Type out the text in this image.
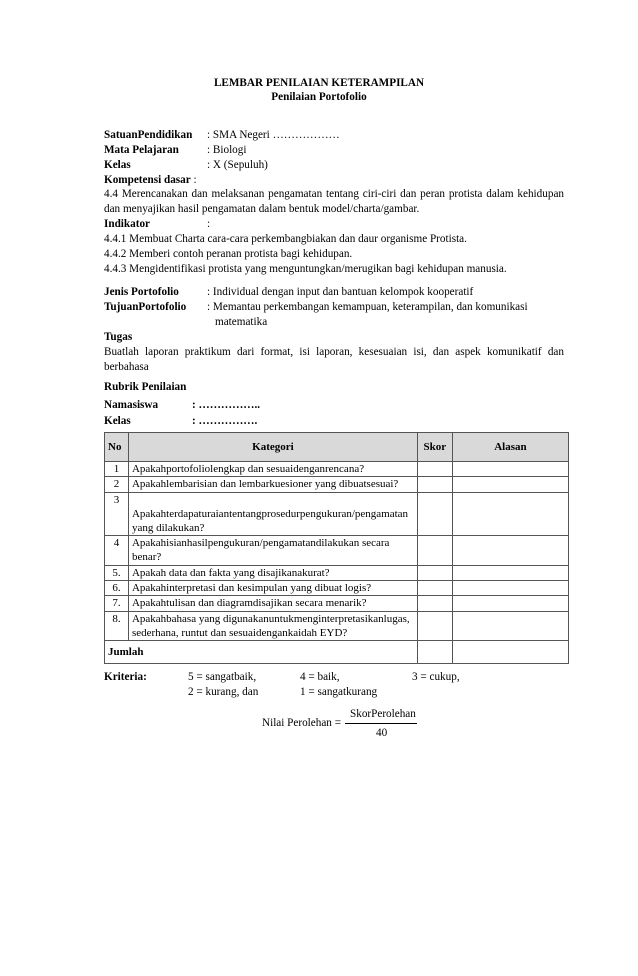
LEMBAR PENILAIAN KETERAMPILAN
Penilaian Portofolio
SatuanPendidikan : SMA Negeri ………………
Mata Pelajaran	: Biologi
Kelas	: X (Sepuluh)
Kompetensi dasar :
4.4 Merencanakan dan melaksanan pengamatan tentang ciri-ciri dan peran protista dalam kehidupan dan menyajikan hasil pengamatan dalam bentuk model/charta/gambar.
Indikator	:
4.4.1 Membuat Charta cara-cara perkembangbiakan dan daur organisme Protista.
4.4.2 Memberi contoh peranan protista bagi kehidupan.
4.4.3 Mengidentifikasi protista yang menguntungkan/merugikan bagi kehidupan manusia.
Jenis Portofolio	: Individual dengan input dan bantuan kelompok kooperatif
TujuanPortofolio : Memantau perkembangan kemampuan, keterampilan, dan komunikasi
matematika
Tugas
Buatlah laporan praktikum dari format, isi laporan, kesesuaian isi, dan aspek komunikatif dan berbahasa
Rubrik Penilaian
Namasiswa	: ……………..
Kelas	: …………….
No	Kategori	Skor	Alasan
1	Apakahportofoliolengkap dan sesuaidenganrencana?		
2	Apakahlembarisian dan lembarkuesioner yang dibuatsesuai?		
3	Apakahterdapaturaiantentangprosedurpengukuran/pengamatan yang dilakukan?		
4	Apakahisianhasilpengukuran/pengamatandilakukan secara benar?		
5.	Apakah data dan fakta yang disajikanakurat?		
6.	Apakahinterpretasi dan kesimpulan yang dibuat logis?		
7.	Apakahtulisan dan diagramdisajikan secara menarik?		
8.	Apakahbahasa yang digunakanuntukmenginterpretasikanlugas, sederhana, runtut dan sesuaidengankaidah EYD?		
Jumlah			
Kriteria:	5 = sangatbaik,	4 = baik,	3 = cukup,
2 = kurang, dan	1 = sangatkurang
SkorPerolehan
Nilai Perolehan =
40
